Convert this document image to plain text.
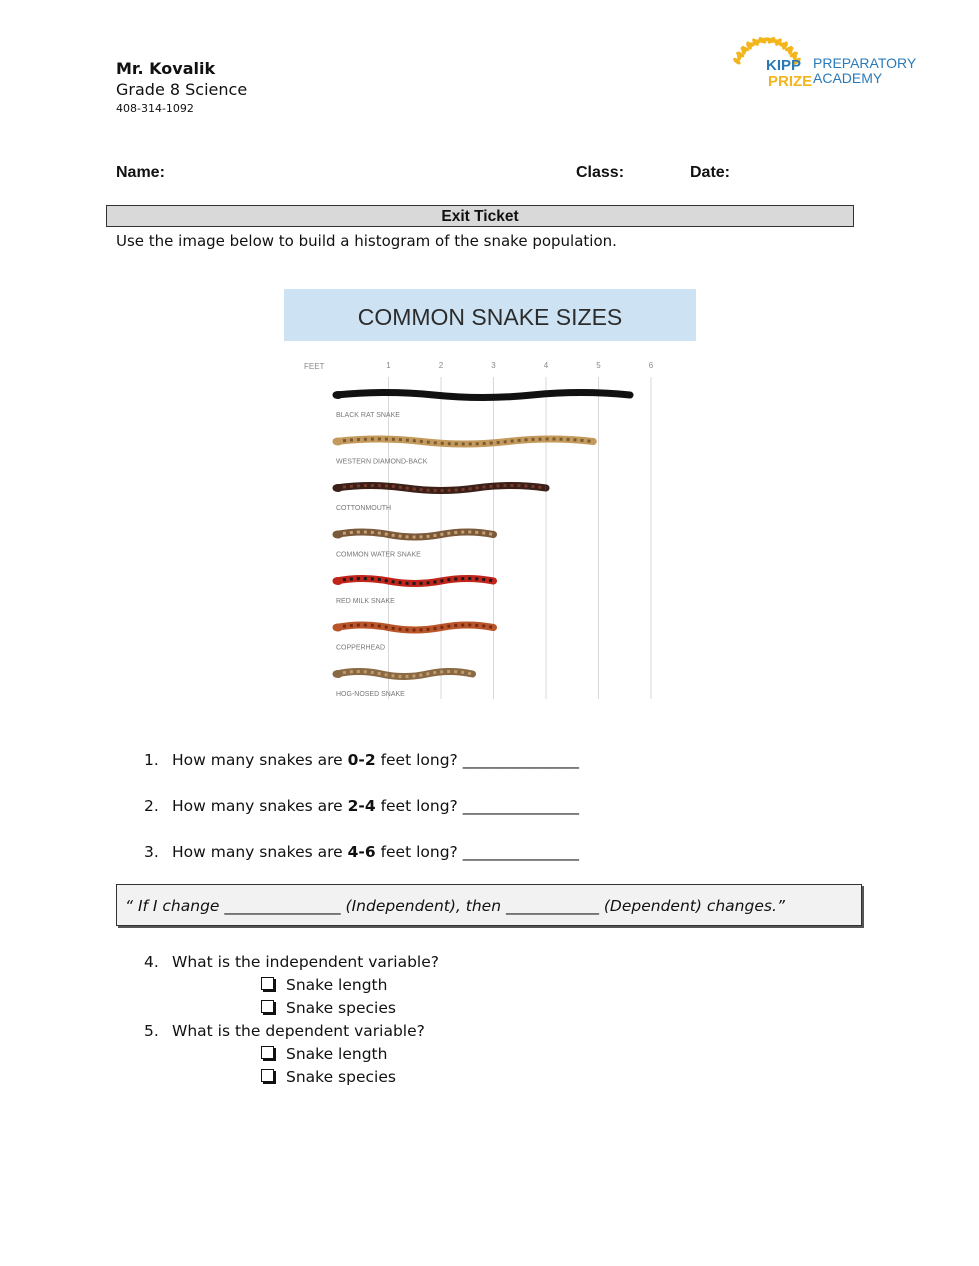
Mr. Kovalik
Grade 8 Science
408-314-1092
KIPP
PRIZE
PREPARATORY
ACADEMY
Name:	Class:	Date:
Exit Ticket
Use the image below to build a histogram of the snake population.
COMMON SNAKE SIZES
FEET	1	2	3	4	5	6
BLACK RAT SNAKE
WESTERN DIAMOND-BACK
COTTONMOUTH
COMMON WATER SNAKE
RED MILK SNAKE
COPPERHEAD
HOG-NOSED SNAKE
1. How many snakes are 0-2 feet long? _______________
2. How many snakes are 2-4 feet long? _______________
3. How many snakes are 4-6 feet long? _______________
“ If I change _______________ (Independent), then ____________ (Dependent) changes.”
4. What is the independent variable?
Snake length
Snake species
5. What is the dependent variable?
Snake length
Snake species
